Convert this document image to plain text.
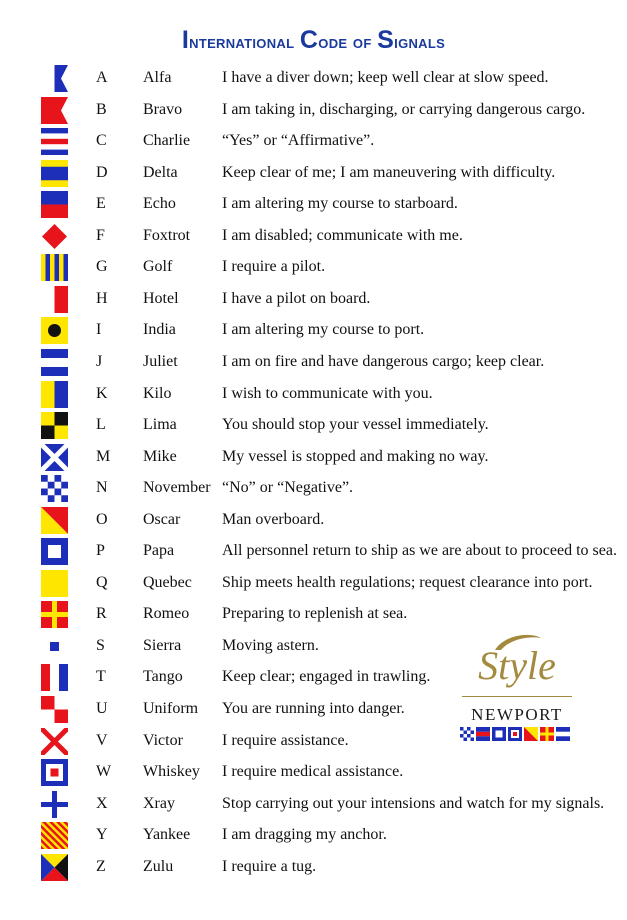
International Code of Signals
A Alfa	I have a diver down; keep well clear at slow speed.
B Bravo I am taking in, discharging, or carrying dangerous cargo.
C Charlie “Yes” or “Affirmative”.
D Delta	Keep clear of me; I am maneuvering with difficulty.
E Echo	I am altering my course to starboard.
F Foxtrot I am disabled; communicate with me.
G Golf	I require a pilot.
H Hotel	I have a pilot on board.
I	India	I am altering my course to port.
J	Juliet	I am on fire and have dangerous cargo; keep clear.
K Kilo	I wish to communicate with you.
L Lima	You should stop your vessel immediately.
M Mike	My vessel is stopped and making no way.
N November “No” or “Negative”.
O Oscar	Man overboard.
P Papa	All personnel return to ship as we are about to proceed to sea.
Q Quebec Ship meets health regulations; request clearance into port.
R Romeo Preparing to replenish at sea.
S Sierra	Moving astern.
T Tango Keep clear; engaged in trawling.
U Uniform You are running into danger.
V Victor I require assistance.
W Whiskey I require medical assistance.
X Xray	Stop carrying out your intensions and watch for my signals.
Y Yankee I am dragging my anchor.
Z Zulu	I require a tug.
Style
NEWPORT
